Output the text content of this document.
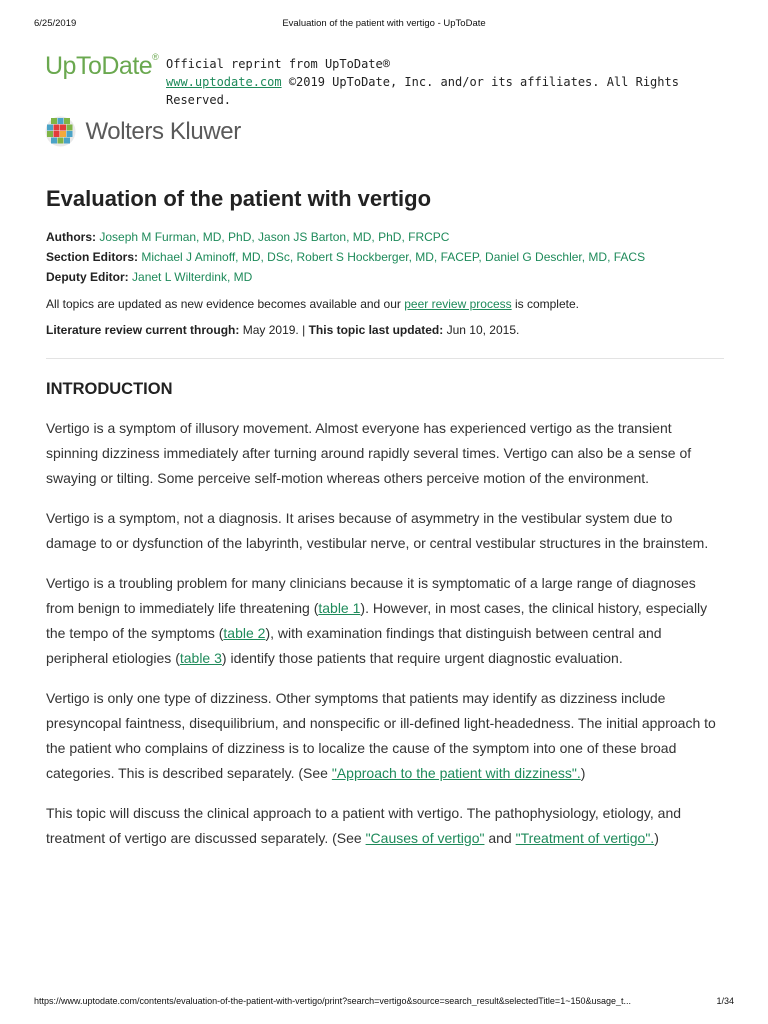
6/25/2019	Evaluation of the patient with vertigo - UpToDate
UpToDate® Official reprint from UpToDate®
www.uptodate.com ©2019 UpToDate, Inc. and/or its affiliates. All Rights Reserved.
Wolters Kluwer
Evaluation of the patient with vertigo
Authors: Joseph M Furman, MD, PhD, Jason JS Barton, MD, PhD, FRCPC
Section Editors: Michael J Aminoff, MD, DSc, Robert S Hockberger, MD, FACEP, Daniel G Deschler, MD, FACS
Deputy Editor: Janet L Wilterdink, MD
All topics are updated as new evidence becomes available and our peer review process is complete.
Literature review current through: May 2019. | This topic last updated: Jun 10, 2015.
INTRODUCTION

Vertigo is a symptom of illusory movement. Almost everyone has experienced vertigo as the transient spinning dizziness immediately after turning around rapidly several times. Vertigo can also be a sense of swaying or tilting. Some perceive self-motion whereas others perceive motion of the environment.

Vertigo is a symptom, not a diagnosis. It arises because of asymmetry in the vestibular system due to damage to or dysfunction of the labyrinth, vestibular nerve, or central vestibular structures in the brainstem.

Vertigo is a troubling problem for many clinicians because it is symptomatic of a large range of diagnoses from benign to immediately life threatening (table 1). However, in most cases, the clinical history, especially the tempo of the symptoms (table 2), with examination findings that distinguish between central and peripheral etiologies (table 3) identify those patients that require urgent diagnostic evaluation.

Vertigo is only one type of dizziness. Other symptoms that patients may identify as dizziness include presyncopal faintness, disequilibrium, and nonspecific or ill-defined light-headedness. The initial approach to the patient who complains of dizziness is to localize the cause of the symptom into one of these broad categories. This is described separately. (See "Approach to the patient with dizziness".)

This topic will discuss the clinical approach to a patient with vertigo. The pathophysiology, etiology, and treatment of vertigo are discussed separately. (See "Causes of vertigo" and "Treatment of vertigo".)

https://www.uptodate.com/contents/evaluation-of-the-patient-with-vertigo/print?search=vertigo&source=search_result&selectedTitle=1~150&usage_t...	1/34
